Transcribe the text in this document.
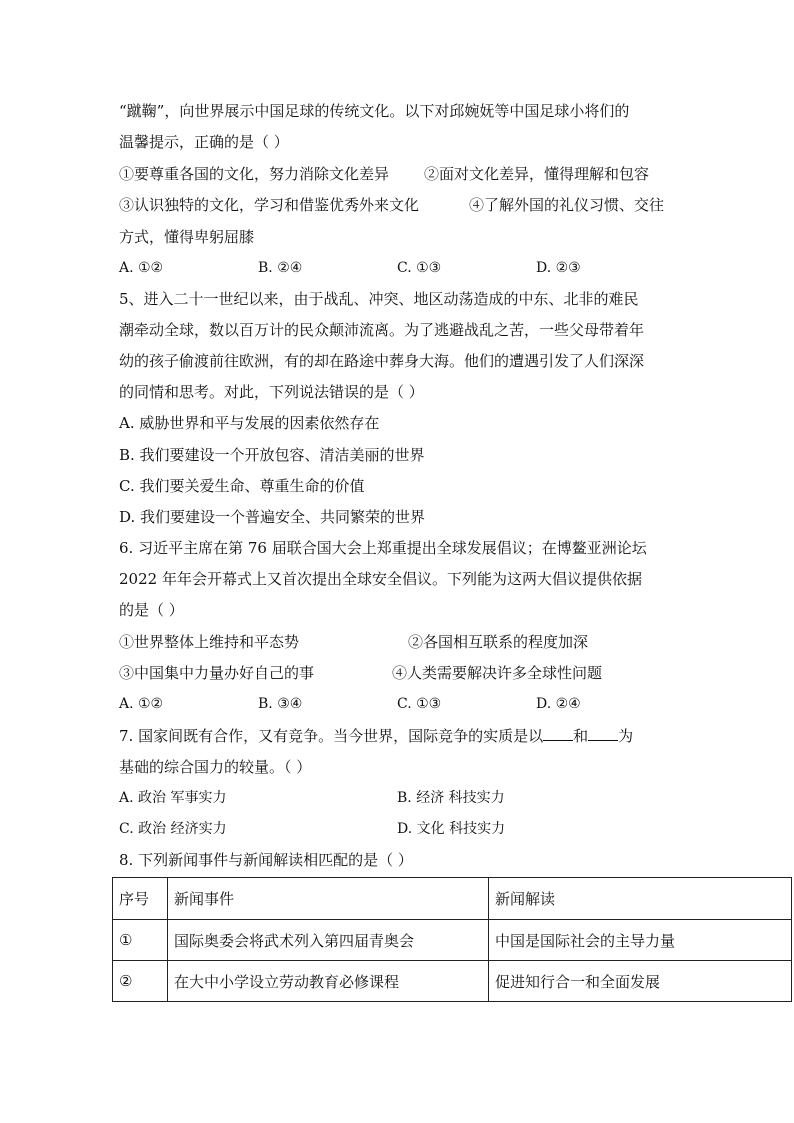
“蹴鞠”，向世界展示中国足球的传统文化。以下对邱婉妩等中国足球小将们的
温馨提示，正确的是（ ）
①要尊重各国的文化，努力消除文化差异 ②面对文化差异，懂得理解和包容
③认识独特的文化，学习和借鉴优秀外来文化	④了解外国的礼仪习惯、交往
方式，懂得卑躬屈膝
A. ①②	B. ②④	C. ①③	D. ②③
5、进入二十一世纪以来，由于战乱、冲突、地区动荡造成的中东、北非的难民
潮牵动全球，数以百万计的民众颠沛流离。为了逃避战乱之苦，一些父母带着年
幼的孩子偷渡前往欧洲，有的却在路途中葬身大海。他们的遭遇引发了人们深深
的同情和思考。对此，下列说法错误的是（ ）
A. 威胁世界和平与发展的因素依然存在
B. 我们要建设一个开放包容、清洁美丽的世界
C. 我们要关爱生命、尊重生命的价值
D. 我们要建设一个普遍安全、共同繁荣的世界
6. 习近平主席在第 76 届联合国大会上郑重提出全球发展倡议；在博鳌亚洲论坛
2022 年年会开幕式上又首次提出全球安全倡议。下列能为这两大倡议提供依据
的是（ ）
①世界整体上维持和平态势	②各国相互联系的程度加深
③中国集中力量办好自己的事	④人类需要解决许多全球性问题
A. ①②	B. ③④	C. ①③	D. ②④
7. 国家间既有合作，又有竞争。当今世界，国际竞争的实质是以 和 为
基础的综合国力的较量。（ ）
A. 政治 军事实力	B. 经济 科技实力
C. 政治 经济实力	D. 文化 科技实力
8. 下列新闻事件与新闻解读相匹配的是（ ）
序号	新闻事件	新闻解读
①	国际奥委会将武术列入第四届青奥会	中国是国际社会的主导力量
②	在大中小学设立劳动教育必修课程	促进知行合一和全面发展
